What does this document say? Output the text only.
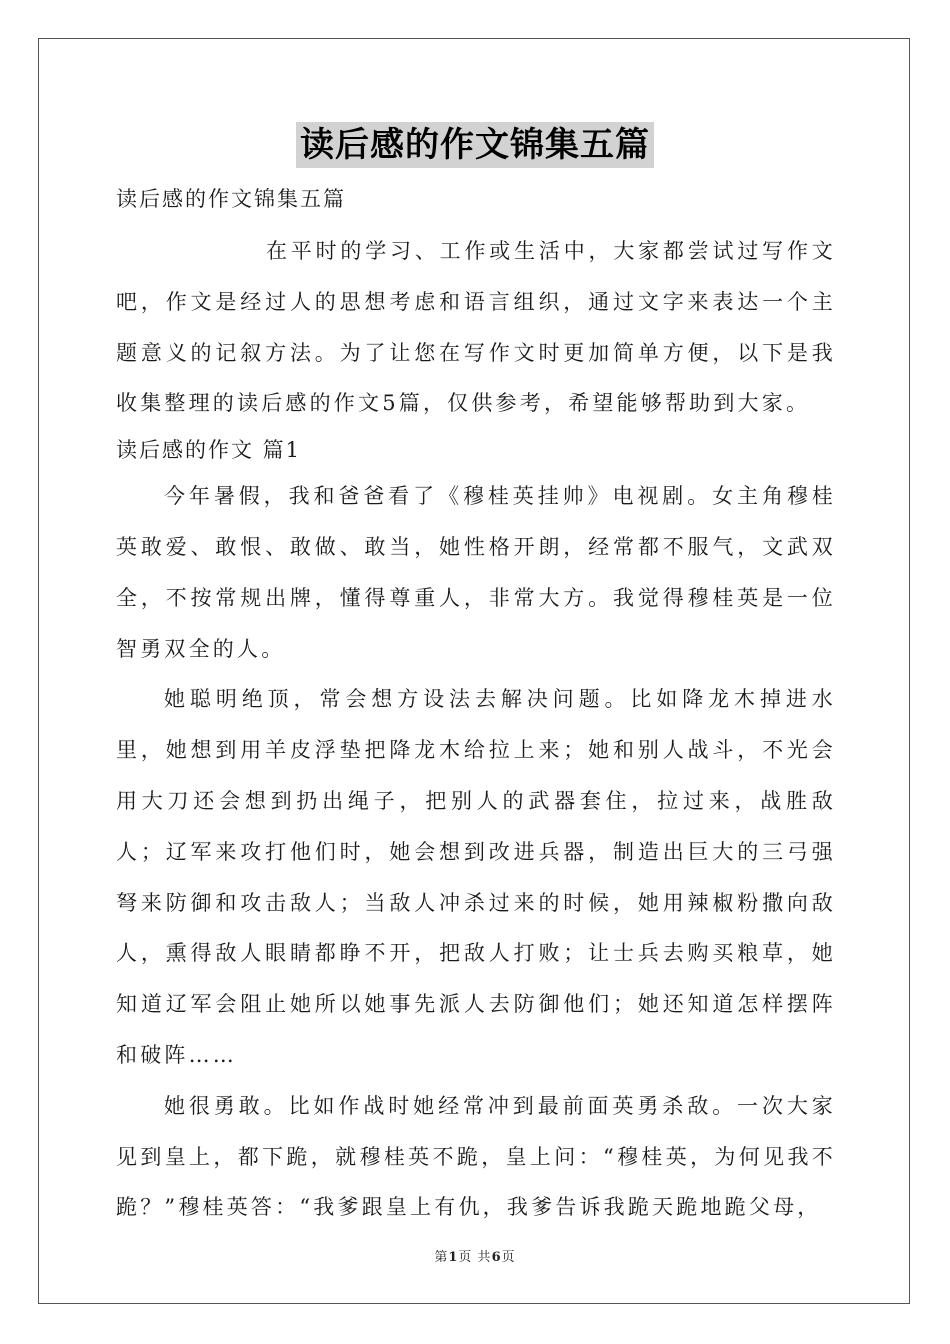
读后感的作文锦集五篇

读后感的作文锦集五篇

在平时的学习、工作或生活中，大家都尝试过写作文吧，作文是经过人的思想考虑和语言组织，通过文字来表达一个主题意义的记叙方法。为了让您在写作文时更加简单方便，以下是我收集整理的读后感的作文5篇，仅供参考，希望能够帮助到大家。

读后感的作文 篇1

今年暑假，我和爸爸看了《穆桂英挂帅》电视剧。女主角穆桂英敢爱、敢恨、敢做、敢当，她性格开朗，经常都不服气，文武双全，不按常规出牌，懂得尊重人，非常大方。我觉得穆桂英是一位智勇双全的人。

她聪明绝顶，常会想方设法去解决问题。比如降龙木掉进水里，她想到用羊皮浮垫把降龙木给拉上来；她和别人战斗，不光会用大刀还会想到扔出绳子，把别人的武器套住，拉过来，战胜敌人；辽军来攻打他们时，她会想到改进兵器，制造出巨大的三弓强弩来防御和攻击敌人；当敌人冲杀过来的时候，她用辣椒粉撒向敌人，熏得敌人眼睛都睁不开，把敌人打败；让士兵去购买粮草，她知道辽军会阻止她所以她事先派人去防御他们；她还知道怎样摆阵和破阵……

她很勇敢。比如作战时她经常冲到最前面英勇杀敌。一次大家见到皇上，都下跪，就穆桂英不跪，皇上问：“穆桂英，为何见我不跪？”穆桂英答：“我爹跟皇上有仇，我爹告诉我跪天跪地跪父母，

第1页 共6页
